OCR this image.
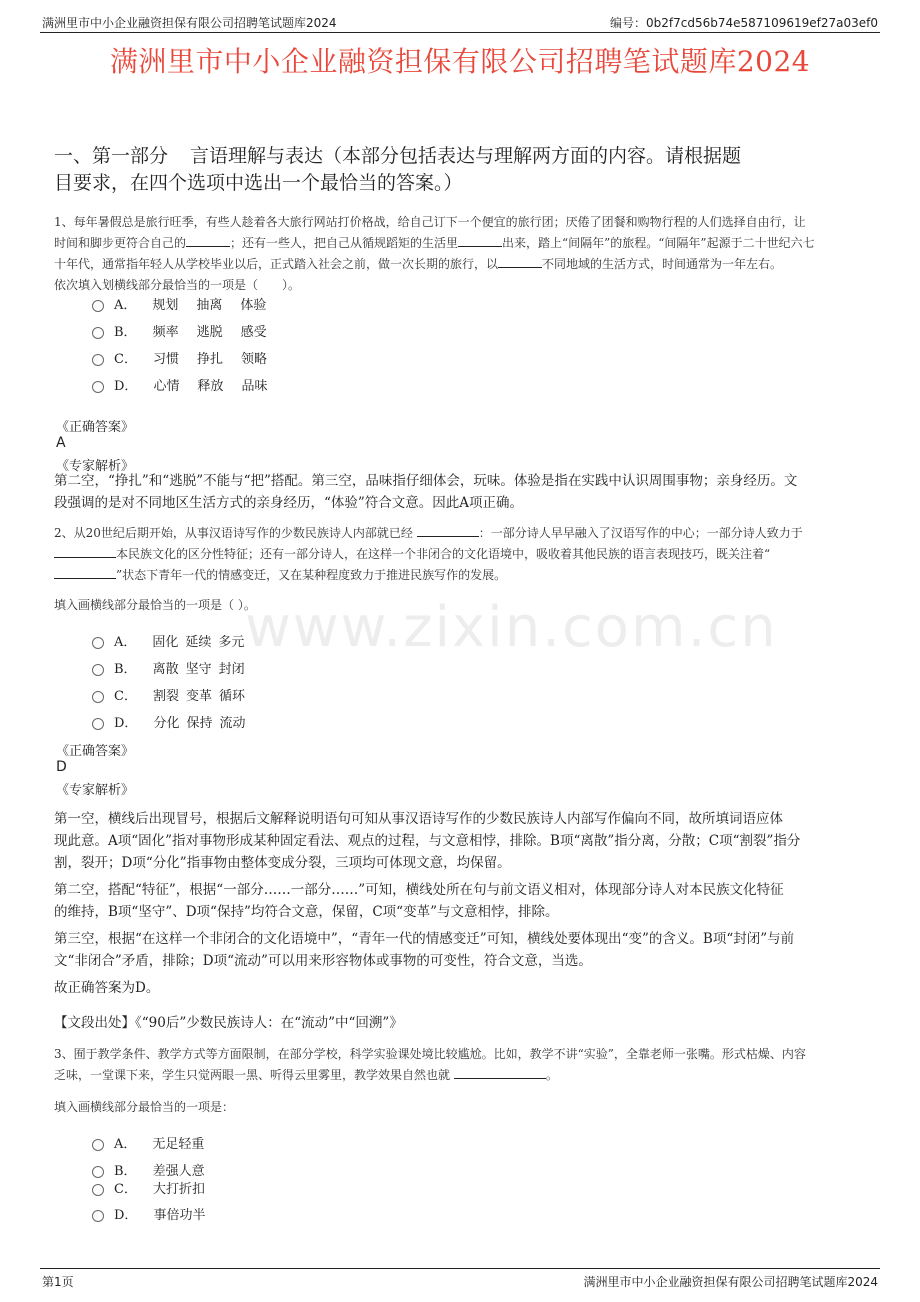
满洲里市中小企业融资担保有限公司招聘笔试题库2024	编号：0b2f7cd56b74e587109619ef27a03ef0
满洲里市中小企业融资担保有限公司招聘笔试题库2024
www.zixin.com.cn
一、第一部分 言语理解与表达（本部分包括表达与理解两方面的内容。请根据题
目要求，在四个选项中选出一个最恰当的答案。）

1、每年暑假总是旅行旺季，有些人趁着各大旅行网站打价格战，给自己订下一个便宜的旅行团；厌倦了团餐和购物行程的人们选择自由行，让
时间和脚步更符合自己的	；还有一些人，把自己从循规蹈矩的生活里	出来，踏上“间隔年”的旅程。“间隔年”起源于二十世纪六七
十年代，通常指年轻人从学校毕业以后，正式踏入社会之前，做一次长期的旅行，以	不同地域的生活方式，时间通常为一年左右。
依次填入划横线部分最恰当的一项是（　　）。

A． 规划 抽离 体验
B． 频率 逃脱 感受
C． 习惯 挣扎 领略
D． 心情 释放 品味
《正确答案》
A
《专家解析》

第二空，“挣扎”和“逃脱”不能与“把”搭配。第三空，品味指仔细体会，玩味。体验是指在实践中认识周围事物；亲身经历。文
段强调的是对不同地区生活方式的亲身经历，“体验”符合文意。因此A项正确。

2、从20世纪后期开始，从事汉语诗写作的少数民族诗人内部就已经	：一部分诗人早早融入了汉语写作的中心；一部分诗人致力于
本民族文化的区分性特征；还有一部分诗人，在这样一个非闭合的文化语境中，吸收着其他民族的语言表现技巧，既关注着“
”状态下青年一代的情感变迁，又在某种程度致力于推进民族写作的发展。

填入画横线部分最恰当的一项是（ ）。
A． 固化 延续 多元
B． 离散 坚守 封闭
C． 割裂 变革 循环
D． 分化 保持 流动
《正确答案》
D
《专家解析》

第一空，横线后出现冒号，根据后文解释说明语句可知从事汉语诗写作的少数民族诗人内部写作偏向不同，故所填词语应体
现此意。A项“固化”指对事物形成某种固定看法、观点的过程，与文意相悖，排除。B项“离散”指分离，分散；C项“割裂”指分
割，裂开；D项“分化”指事物由整体变成分裂，三项均可体现文意，均保留。

第二空，搭配“特征”，根据“一部分……一部分……”可知，横线处所在句与前文语义相对，体现部分诗人对本民族文化特征
的维持，B项“坚守”、D项“保持”均符合文意，保留，C项“变革”与文意相悖，排除。

第三空，根据“在这样一个非闭合的文化语境中”，“青年一代的情感变迁”可知，横线处要体现出“变”的含义。B项“封闭”与前
文“非闭合”矛盾，排除；D项“流动”可以用来形容物体或事物的可变性，符合文意，当选。

故正确答案为D。
【文段出处】《“90后”少数民族诗人：在“流动”中“回溯”》

3、囿于教学条件、教学方式等方面限制，在部分学校，科学实验课处境比较尴尬。比如，教学不讲“实验”，全靠老师一张嘴。形式枯燥、内容
乏味，一堂课下来，学生只觉两眼一黑、听得云里雾里，教学效果自然也就	。

填入画横线部分最恰当的一项是：
A． 无足轻重
B． 差强人意
C． 大打折扣
D． 事倍功半
第1页	满洲里市中小企业融资担保有限公司招聘笔试题库2024
